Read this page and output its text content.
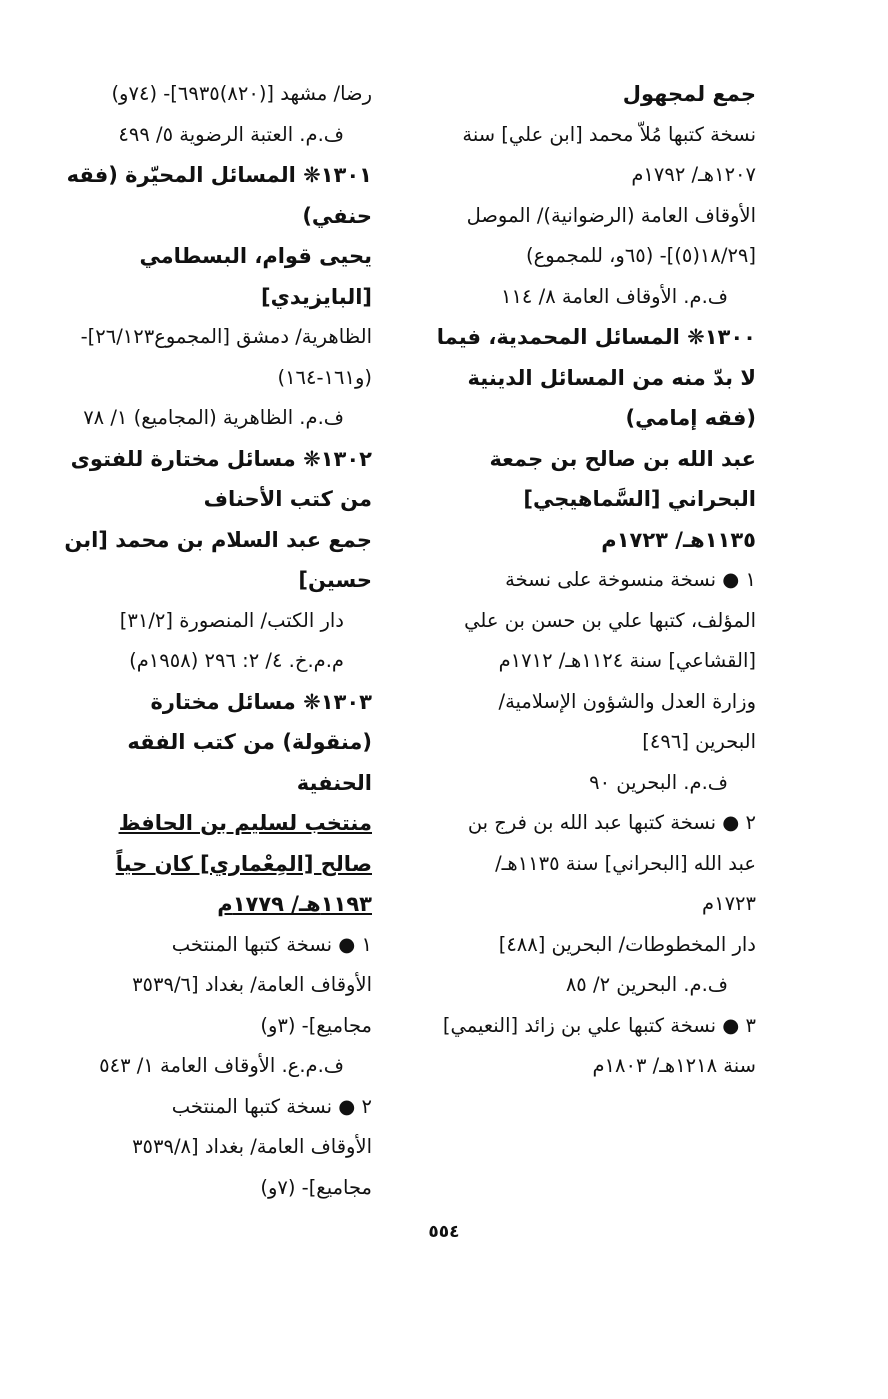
جمع لمجهول

نسخة كتبها مُلاّ محمد [ابن علي] سنة ١٢٠٧هـ/ ١٧٩٢م

الأوقاف العامة (الرضوانية)/ الموصل [١٨/٢٩(٥)]- (٦٥و، للمجموع)

ف.م. الأوقاف العامة ٨/ ١١٤

١٣٠٠❋ المسائل المحمدية، فيما لا بدّ منه من المسائل الدينية (فقه إمامي)

عبد الله بن صالح بن جمعة البحراني [السَّماهيجي] ١١٣٥هـ/ ١٧٢٣م

١ ● نسخة منسوخة على نسخة المؤلف، كتبها علي بن حسن بن علي [القشاعي] سنة ١١٢٤هـ/ ١٧١٢م

وزارة العدل والشؤون الإسلامية/ البحرين [٤٩٦]

ف.م. البحرين ٩٠

٢ ● نسخة كتبها عبد الله بن فرج بن عبد الله [البحراني] سنة ١١٣٥هـ/ ١٧٢٣م

دار المخطوطات/ البحرين [٤٨٨]

ف.م. البحرين ٢/ ٨٥

٣ ● نسخة كتبها علي بن زائد [النعيمي] سنة ١٢١٨هـ/ ١٨٠٣م

رضا/ مشهد [(٨٢٠)٦٩٣٥]- (٧٤و)

ف.م. العتبة الرضوية ٥/ ٤٩٩

١٣٠١❋ المسائل المحيّرة (فقه حنفي)

يحيى قوام، البسطامي [البايزيدي]

الظاهرية/ دمشق [المجموع٢٦/١٢٣]- (و١٦١-١٦٤)

ف.م. الظاهرية (المجاميع) ١/ ٧٨

١٣٠٢❋ مسائل مختارة للفتوى من كتب الأحناف

جمع عبد السلام بن محمد [ابن حسين]

دار الكتب/ المنصورة [٣١/٢]

م.م.خ. ٤/ ٢: ٢٩٦ (١٩٥٨م)

١٣٠٣❋ مسائل مختارة (منقولة) من كتب الفقه الحنفية

منتخب لسليم بن الحافظ صالح [المِعْماري] كان حياً ١١٩٣هـ/ ١٧٧٩م

١ ● نسخة كتبها المنتخب

الأوقاف العامة/ بغداد [٣٥٣٩/٦ مجاميع]- (٣و)

ف.م.ع. الأوقاف العامة ١/ ٥٤٣

٢ ● نسخة كتبها المنتخب

الأوقاف العامة/ بغداد [٣٥٣٩/٨ مجاميع]- (٧و)

٥٥٤
